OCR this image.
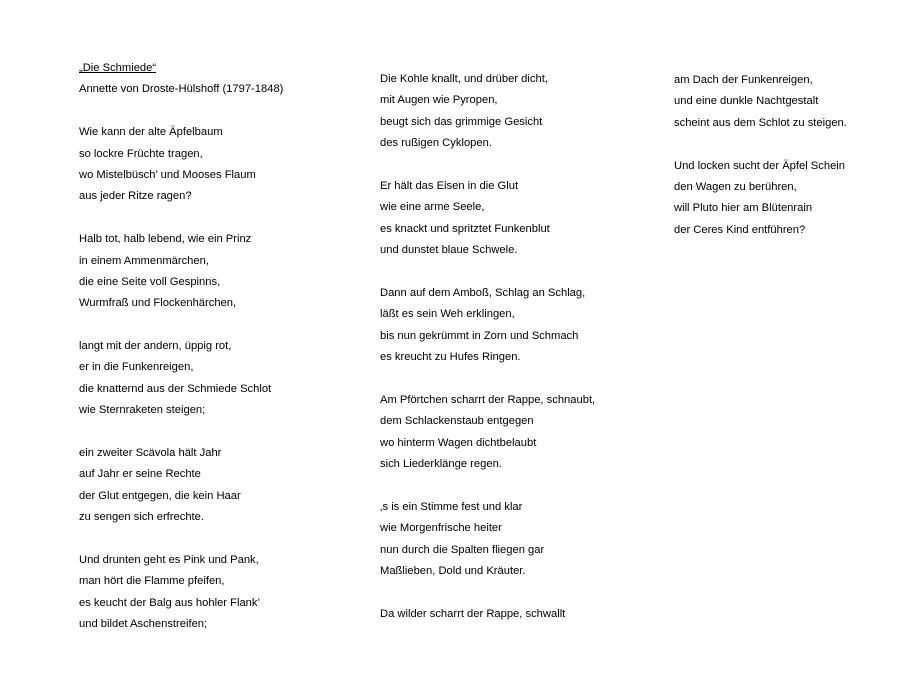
„Die Schmiede“
Annette von Droste-Hülshoff (1797-1848)
Wie kann der alte Äpfelbaum
so lockre Früchte tragen,
wo Mistelbüsch’ und Mooses Flaum
aus jeder Ritze ragen?
Halb tot, halb lebend, wie ein Prinz
in einem Ammenmärchen,
die eine Seite voll Gespinns,
Wurmfraß und Flockenhärchen,
langt mit der andern, üppig rot,
er in die Funkenreigen,
die knatternd aus der Schmiede Schlot
wie Sternraketen steigen;
ein zweiter Scävola hält Jahr
auf Jahr er seine Rechte
der Glut entgegen, die kein Haar
zu sengen sich erfrechte.
Und drunten geht es Pink und Pank,
man hört die Flamme pfeifen,
es keucht der Balg aus hohler Flank’
und bildet Aschenstreifen;
Die Kohle knallt, und drüber dicht,
mit Augen wie Pyropen,
beugt sich das grimmige Gesicht
des rußigen Cyklopen.
Er hält das Eisen in die Glut
wie eine arme Seele,
es knackt und spritztet Funkenblut
und dunstet blaue Schwele.
Dann auf dem Amboß, Schlag an Schlag,
läßt es sein Weh erklingen,
bis nun gekrümmt in Zorn und Schmach
es kreucht zu Hufes Ringen.
Am Pförtchen scharrt der Rappe, schnaubt,
dem Schlackenstaub entgegen
wo hinterm Wagen dichtbelaubt
sich Liederklänge regen.
‚s is ein Stimme fest und klar
wie Morgenfrische heiter
nun durch die Spalten fliegen gar
Maßlieben, Dold und Kräuter.
Da wilder scharrt der Rappe, schwallt
am Dach der Funkenreigen,
und eine dunkle Nachtgestalt
scheint aus dem Schlot zu steigen.
Und locken sucht der Äpfel Schein
den Wagen zu berühren,
will Pluto hier am Blütenrain
der Ceres Kind entführen?
